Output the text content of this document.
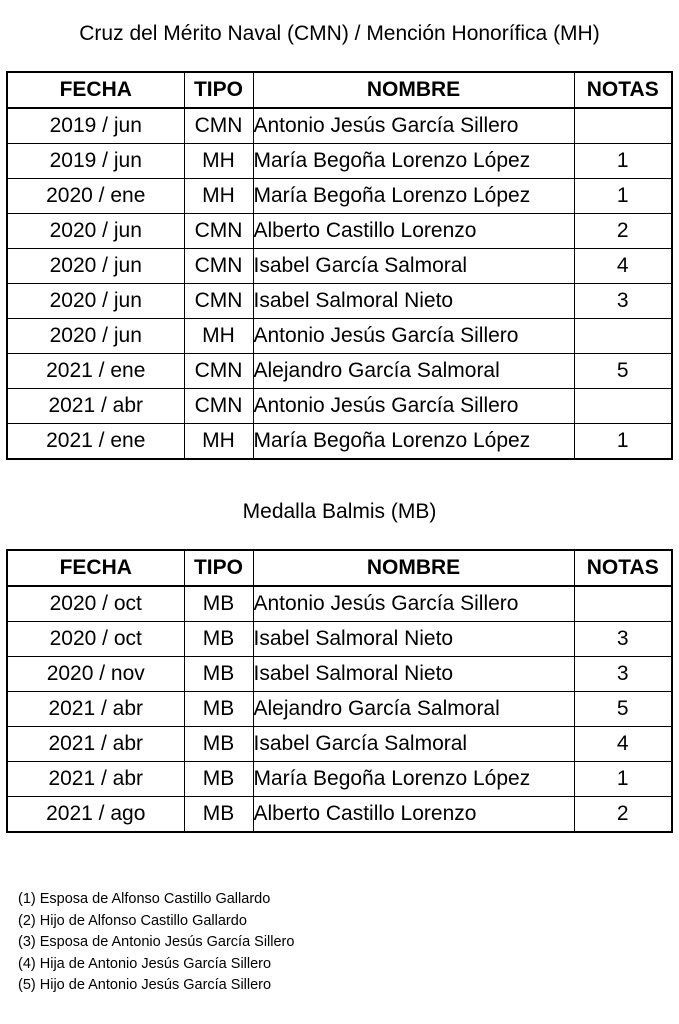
Cruz del Mérito Naval (CMN) / Mención Honorífica (MH)
FECHA	TIPO	NOMBRE	NOTAS
2019 / jun	CMN	Antonio Jesús García Sillero	
2019 / jun	MH	María Begoña Lorenzo López	1
2020 / ene	MH	María Begoña Lorenzo López	1
2020 / jun	CMN	Alberto Castillo Lorenzo	2
2020 / jun	CMN	Isabel García Salmoral	4
2020 / jun	CMN	Isabel Salmoral Nieto	3
2020 / jun	MH	Antonio Jesús García Sillero	
2021 / ene	CMN	Alejandro García Salmoral	5
2021 / abr	CMN	Antonio Jesús García Sillero	
2021 / ene	MH	María Begoña Lorenzo López	1
Medalla Balmis (MB)
FECHA	TIPO	NOMBRE	NOTAS
2020 / oct	MB	Antonio Jesús García Sillero	
2020 / oct	MB	Isabel Salmoral Nieto	3
2020 / nov	MB	Isabel Salmoral Nieto	3
2021 / abr	MB	Alejandro García Salmoral	5
2021 / abr	MB	Isabel García Salmoral	4
2021 / abr	MB	María Begoña Lorenzo López	1
2021 / ago	MB	Alberto Castillo Lorenzo	2
(1) Esposa de Alfonso Castillo Gallardo
(2) Hijo de Alfonso Castillo Gallardo
(3) Esposa de Antonio Jesús García Sillero
(4) Hija de Antonio Jesús García Sillero
(5) Hijo de Antonio Jesús García Sillero
